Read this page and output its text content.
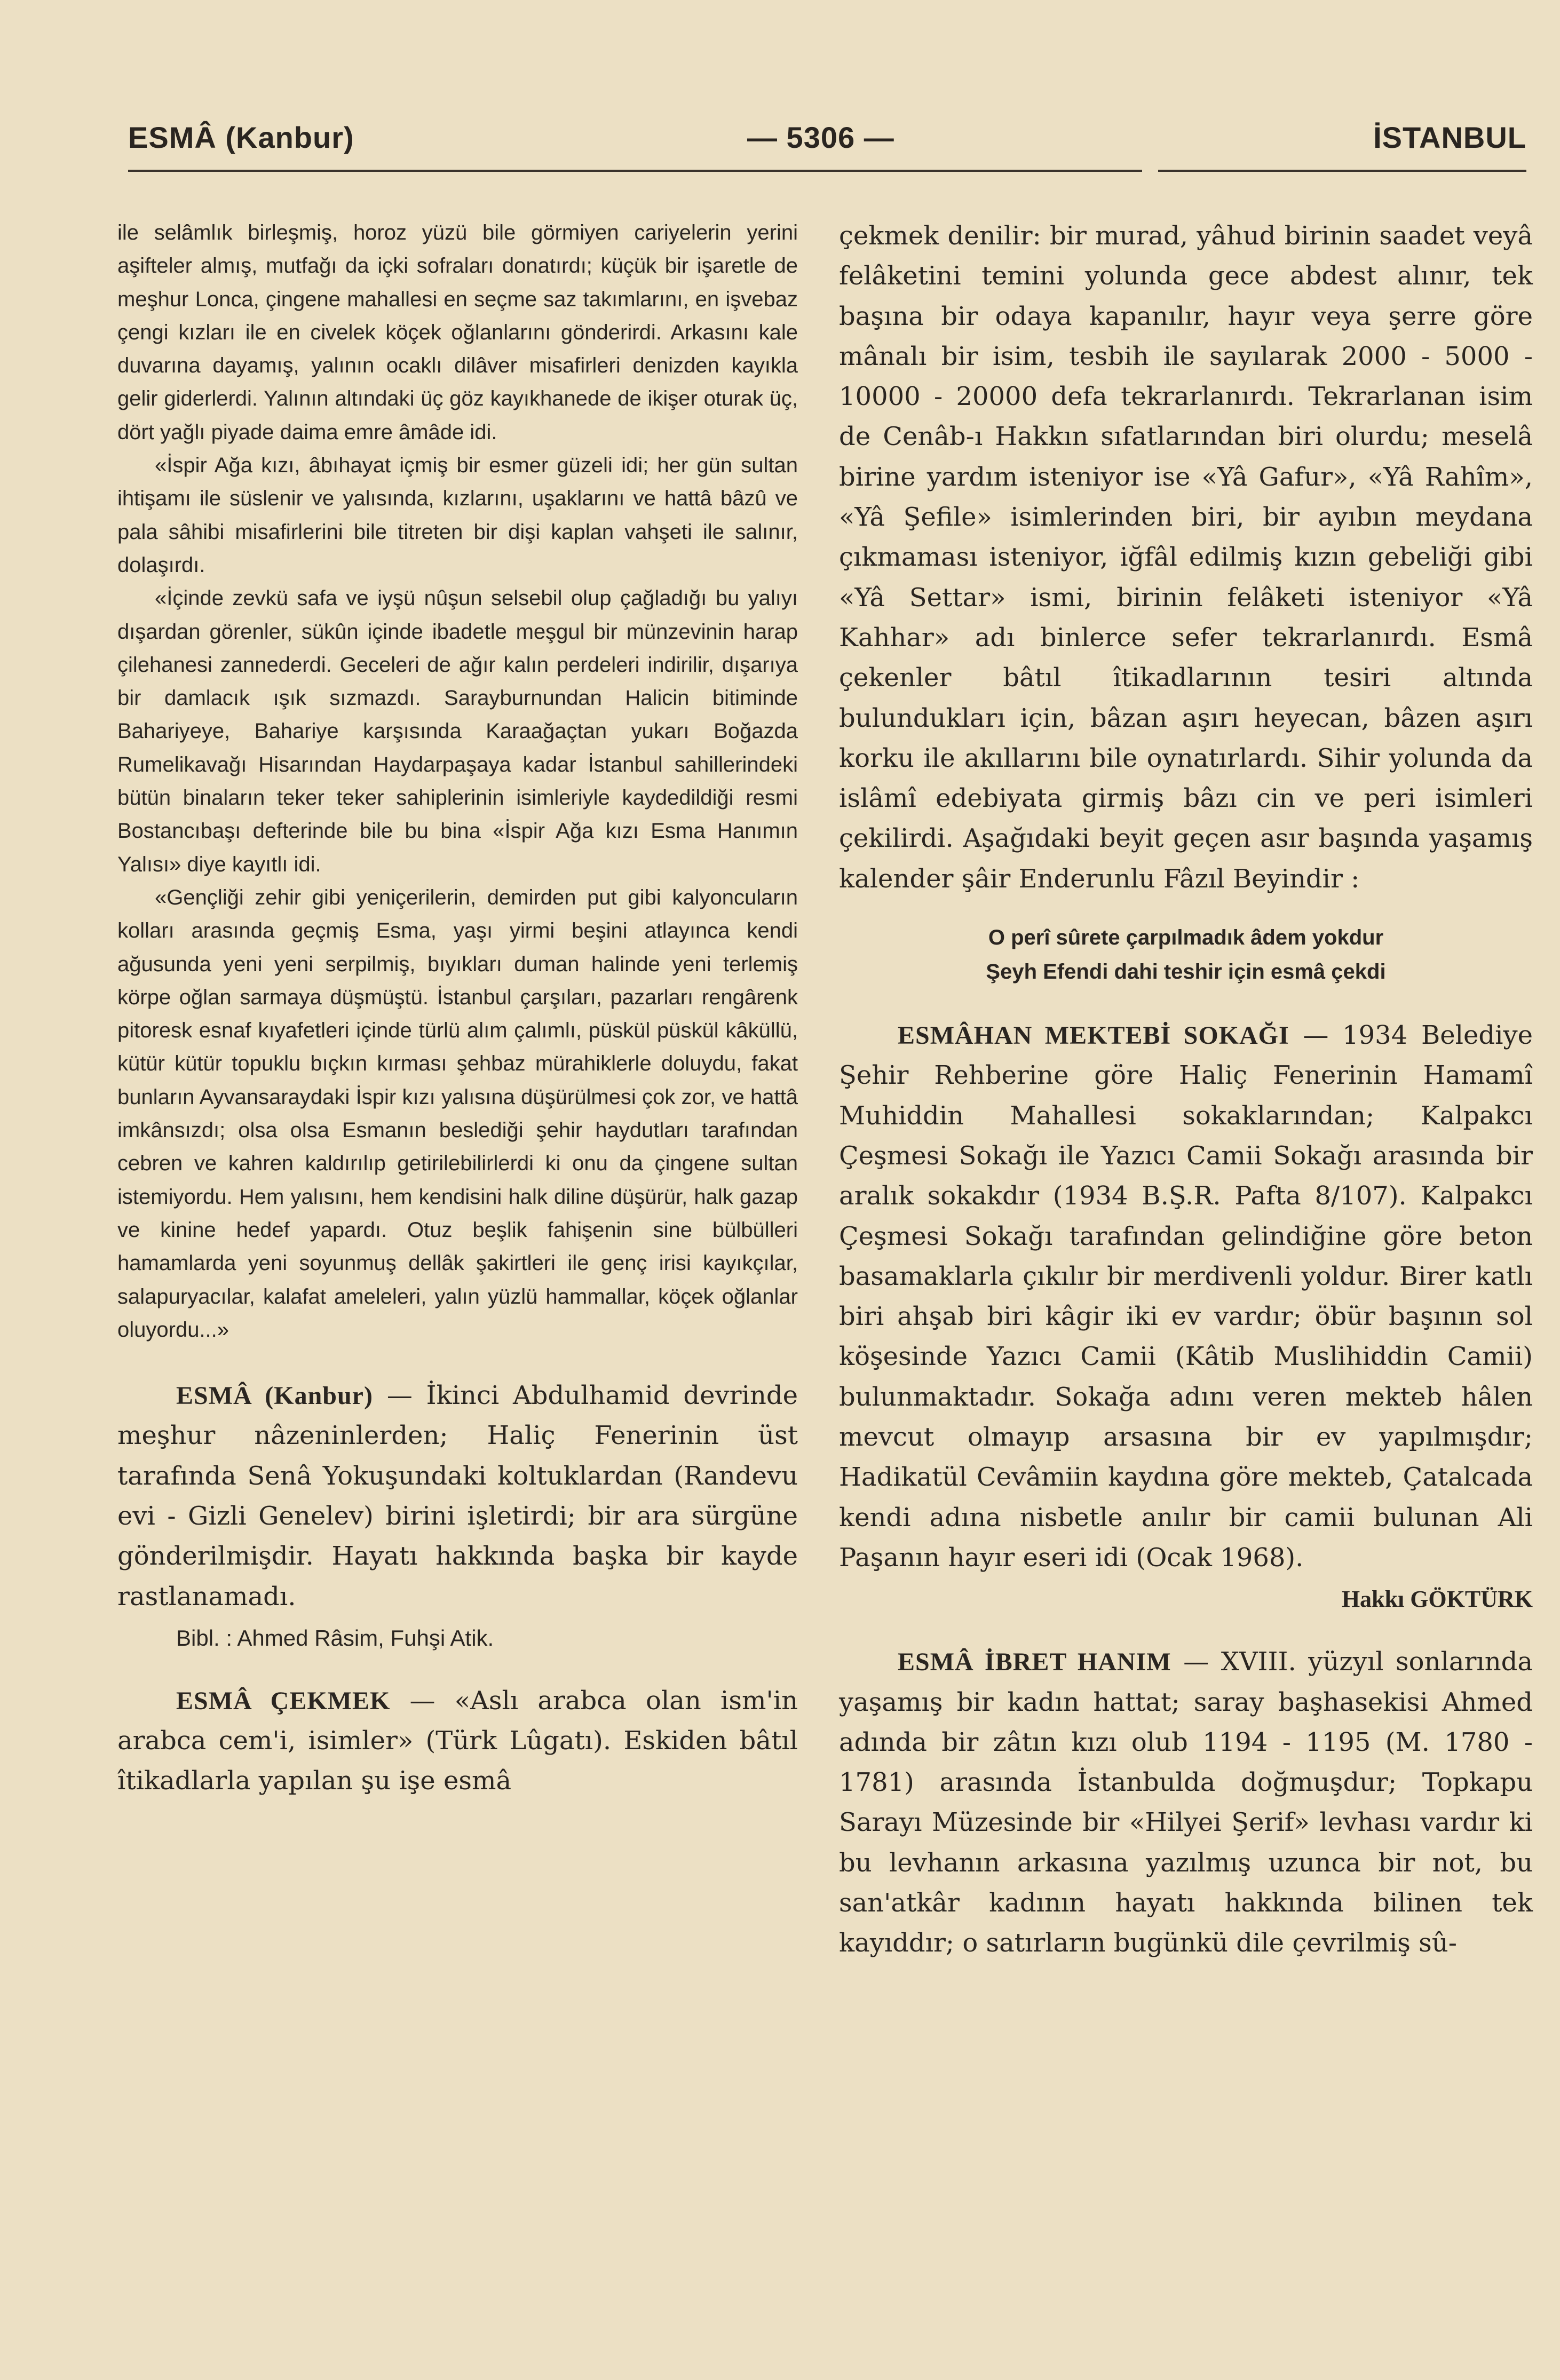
ESMÂ (Kanbur)	— 5306 —	İSTANBUL

ile selâmlık birleşmiş, horoz yüzü bile görmiyen cariyelerin yerini aşifteler almış, mutfağı da içki sofraları donatırdı; küçük bir işaretle de meşhur Lonca, çingene mahallesi en seçme saz takımlarını, en işvebaz çengi kızları ile en civelek köçek oğlanlarını gönderirdi. Arkasını kale duvarına dayamış, yalının ocaklı dilâver misafirleri denizden kayıkla gelir giderlerdi. Yalının altındaki üç göz kayıkhanede de ikişer oturak üç, dört yağlı piyade daima emre âmâde idi.

«İspir Ağa kızı, âbıhayat içmiş bir esmer güzeli idi; her gün sultan ihtişamı ile süslenir ve yalısında, kızlarını, uşaklarını ve hattâ bâzû ve pala sâhibi misafirlerini bile titreten bir dişi kaplan vahşeti ile salınır, dolaşırdı.

«İçinde zevkü safa ve iyşü nûşun selsebil olup çağladığı bu yalıyı dışardan görenler, sükûn içinde ibadetle meşgul bir münzevinin harap çilehanesi zannederdi. Geceleri de ağır kalın perdeleri indirilir, dışarıya bir damlacık ışık sızmazdı. Sarayburnundan Halicin bitiminde Bahariyeye, Bahariye karşısında Karaağaçtan yukarı Boğazda Rumelikavağı Hisarından Haydarpaşaya kadar İstanbul sahillerindeki bütün binaların teker teker sahiplerinin isimleriyle kaydedildiği resmi Bostancıbaşı defterinde bile bu bina «İspir Ağa kızı Esma Hanımın Yalısı» diye kayıtlı idi.

«Gençliği zehir gibi yeniçerilerin, demirden put gibi kalyoncuların kolları arasında geçmiş Esma, yaşı yirmi beşini atlayınca kendi ağusunda yeni yeni serpilmiş, bıyıkları duman halinde yeni terlemiş körpe oğlan sarmaya düşmüştü. İstanbul çarşıları, pazarları rengârenk pitoresk esnaf kıyafetleri içinde türlü alım çalımlı, püskül püskül kâküllü, kütür kütür topuklu bıçkın kırması şehbaz mürahiklerle doluydu, fakat bunların Ayvansaraydaki İspir kızı yalısına düşürülmesi çok zor, ve hattâ imkânsızdı; olsa olsa Esmanın beslediği şehir haydutları tarafından cebren ve kahren kaldırılıp getirilebilirlerdi ki onu da çingene sultan istemiyordu. Hem yalısını, hem kendisini halk diline düşürür, halk gazap ve kinine hedef yapardı. Otuz beşlik fahişenin sine bülbülleri hamamlarda yeni soyunmuş dellâk şakirtleri ile genç irisi kayıkçılar, salapuryacılar, kalafat ameleleri, yalın yüzlü hammallar, köçek oğlanlar oluyordu...»

ESMÂ (Kanbur) — İkinci Abdulhamid devrinde meşhur nâzeninlerden; Haliç Fenerinin üst tarafında Senâ Yokuşundaki koltuklardan (Randevu evi - Gizli Genelev) birini işletirdi; bir ara sürgüne gönderilmişdir. Hayatı hakkında başka bir kayde rastlanamadı.

Bibl. : Ahmed Râsim, Fuhşi Atik.

ESMÂ ÇEKMEK — «Aslı arabca olan ism'in arabca cem'i, isimler» (Türk Lûgatı). Eskiden bâtıl îtikadlarla yapılan şu işe esmâ

çekmek denilir: bir murad, yâhud birinin saadet veyâ felâketini temini yolunda gece abdest alınır, tek başına bir odaya kapanılır, hayır veya şerre göre mânalı bir isim, tesbih ile sayılarak 2000 - 5000 - 10000 - 20000 defa tekrarlanırdı. Tekrarlanan isim de Cenâb-ı Hakkın sıfatlarından biri olurdu; meselâ birine yardım isteniyor ise «Yâ Gafur», «Yâ Rahîm», «Yâ Şefile» isimlerinden biri, bir ayıbın meydana çıkmaması isteniyor, iğfâl edilmiş kızın gebeliği gibi «Yâ Settar» ismi, birinin felâketi isteniyor «Yâ Kahhar» adı binlerce sefer tekrarlanırdı. Esmâ çekenler bâtıl îtikadlarının tesiri altında bulundukları için, bâzan aşırı heyecan, bâzen aşırı korku ile akıllarını bile oynatırlardı. Sihir yolunda da islâmî edebiyata girmiş bâzı cin ve peri isimleri çekilirdi. Aşağıdaki beyit geçen asır başında yaşamış kalender şâir Enderunlu Fâzıl Beyindir :

O perî sûrete çarpılmadık âdem yokdur
Şeyh Efendi dahi teshir için esmâ çekdi

ESMÂHAN MEKTEBİ SOKAĞI — 1934 Belediye Şehir Rehberine göre Haliç Fenerinin Hamamî Muhiddin Mahallesi sokaklarından; Kalpakcı Çeşmesi Sokağı ile Yazıcı Camii Sokağı arasında bir aralık sokakdır (1934 B.Ş.R. Pafta 8/107). Kalpakcı Çeşmesi Sokağı tarafından gelindiğine göre beton basamaklarla çıkılır bir merdivenli yoldur. Birer katlı biri ahşab biri kâgir iki ev vardır; öbür başının sol köşesinde Yazıcı Camii (Kâtib Muslihiddin Camii) bulunmaktadır. Sokağa adını veren mekteb hâlen mevcut olmayıp arsasına bir ev yapılmışdır; Hadikatül Cevâmiin kaydına göre mekteb, Çatalcada kendi adına nisbetle anılır bir camii bulunan Ali Paşanın hayır eseri idi (Ocak 1968).

Hakkı GÖKTÜRK

ESMÂ İBRET HANIM — XVIII. yüzyıl sonlarında yaşamış bir kadın hattat; saray başhasekisi Ahmed adında bir zâtın kızı olub 1194 - 1195 (M. 1780 - 1781) arasında İstanbulda doğmuşdur; Topkapu Sarayı Müzesinde bir «Hilyei Şerif» levhası vardır ki bu levhanın arkasına yazılmış uzunca bir not, bu san'atkâr kadının hayatı hakkında bilinen tek kayıddır; o satırların bugünkü dile çevrilmiş sû-
